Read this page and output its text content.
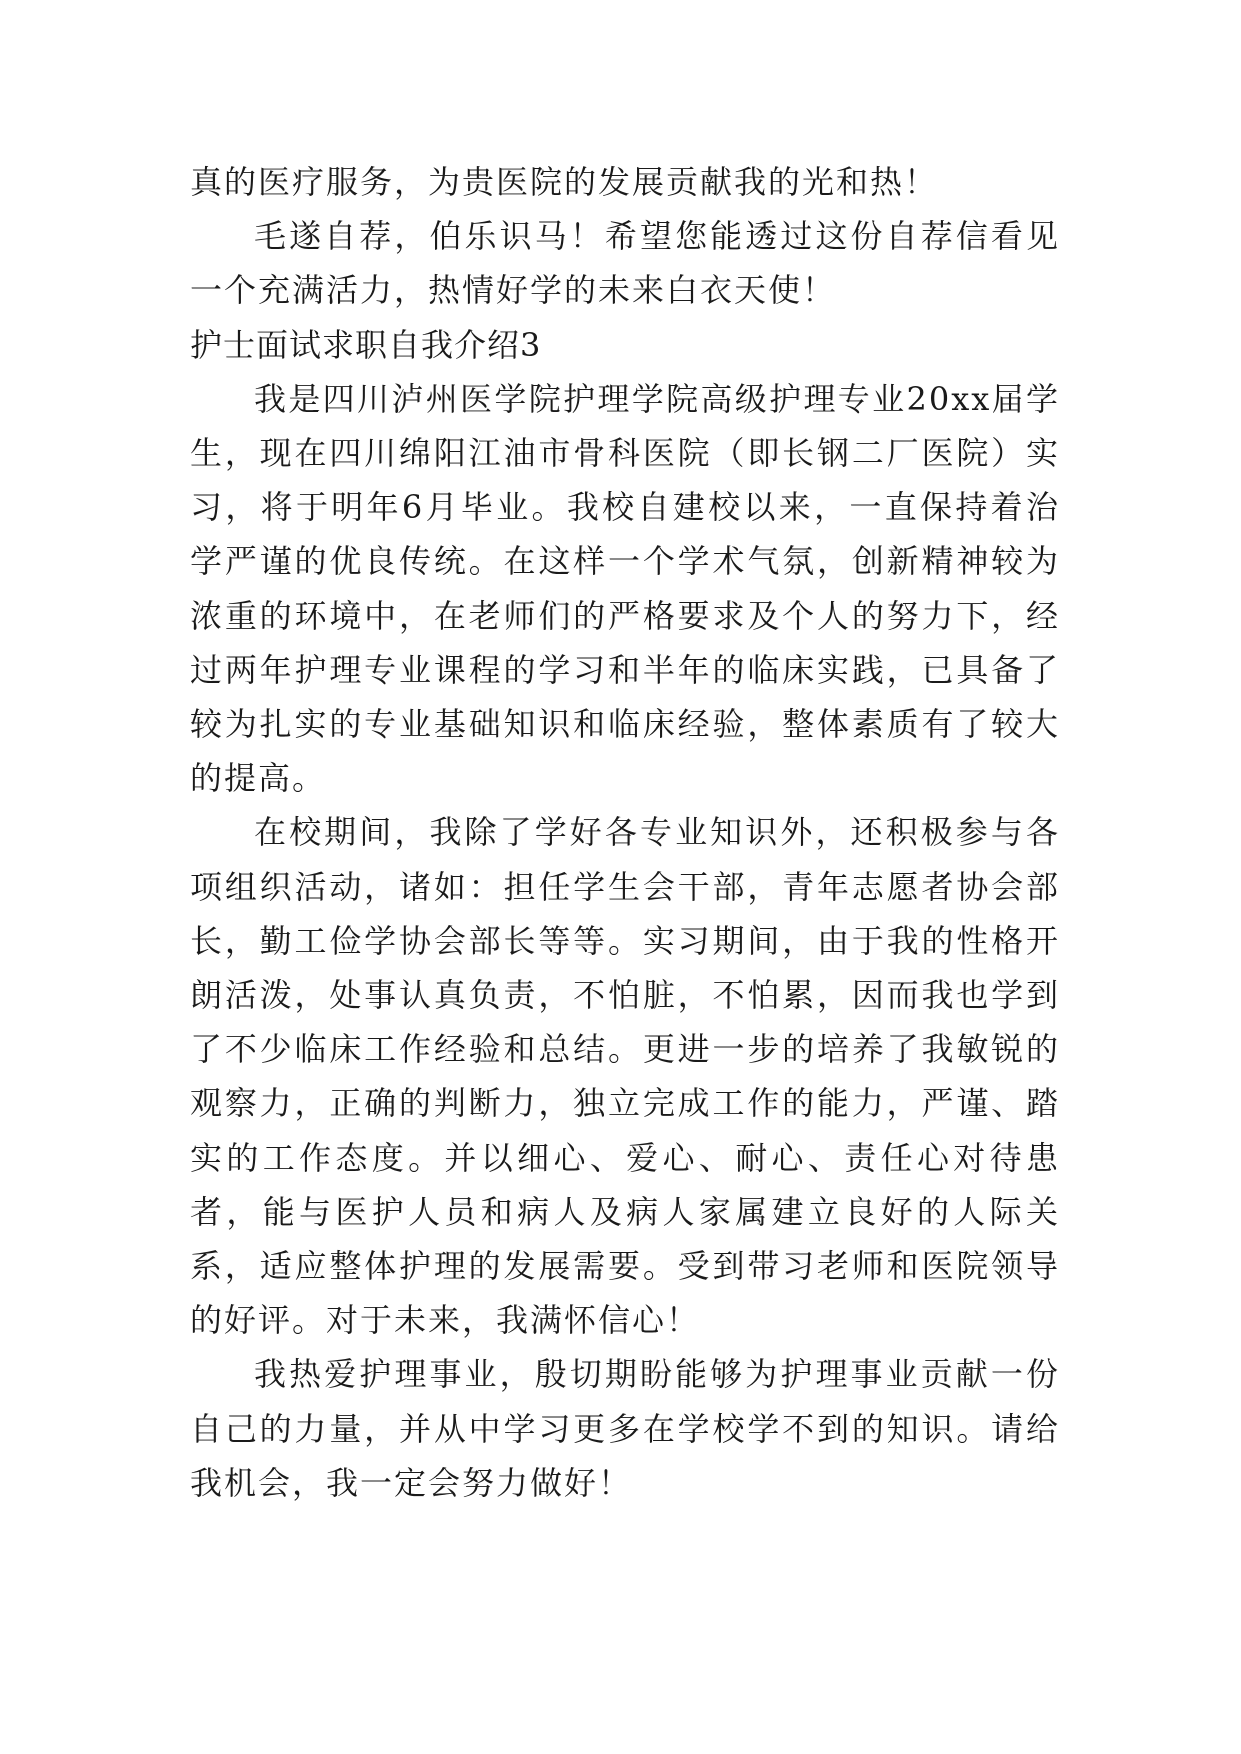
真的医疗服务，为贵医院的发展贡献我的光和热！

毛遂自荐，伯乐识马！希望您能透过这份自荐信看见一个充满活力，热情好学的未来白衣天使！

护士面试求职自我介绍3

我是四川泸州医学院护理学院高级护理专业20xx届学生，现在四川绵阳江油市骨科医院（即长钢二厂医院）实习，将于明年6月毕业。我校自建校以来，一直保持着治学严谨的优良传统。在这样一个学术气氛，创新精神较为浓重的环境中，在老师们的严格要求及个人的努力下，经过两年护理专业课程的学习和半年的临床实践，已具备了较为扎实的专业基础知识和临床经验，整体素质有了较大的提高。

在校期间，我除了学好各专业知识外，还积极参与各项组织活动，诸如：担任学生会干部，青年志愿者协会部长，勤工俭学协会部长等等。实习期间，由于我的性格开朗活泼，处事认真负责，不怕脏，不怕累，因而我也学到了不少临床工作经验和总结。更进一步的培养了我敏锐的观察力，正确的判断力，独立完成工作的能力，严谨、踏实的工作态度。并以细心、爱心、耐心、责任心对待患者，能与医护人员和病人及病人家属建立良好的人际关系，适应整体护理的发展需要。受到带习老师和医院领导的好评。对于未来，我满怀信心！

我热爱护理事业，殷切期盼能够为护理事业贡献一份自己的力量，并从中学习更多在学校学不到的知识。请给我机会，我一定会努力做好！
